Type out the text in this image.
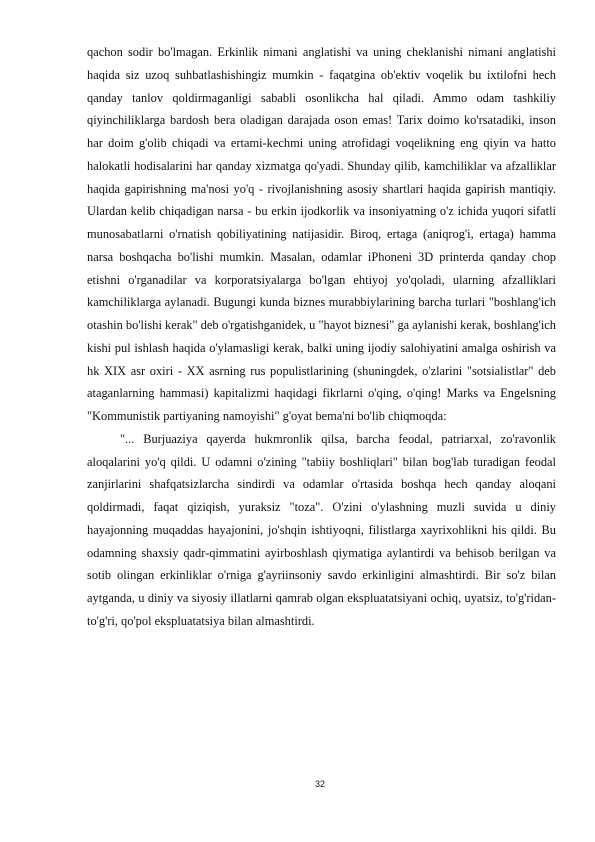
qachon sodir bo'lmagan. Erkinlik nimani anglatishi va uning cheklanishi nimani anglatishi haqida siz uzoq suhbatlashishingiz mumkin - faqatgina ob'ektiv voqelik bu ixtilofni hech qanday tanlov qoldirmaganligi sababli osonlikcha hal qiladi. Ammo odam tashkiliy qiyinchiliklarga bardosh bera oladigan darajada oson emas! Tarix doimo ko'rsatadiki, inson har doim g'olib chiqadi va ertami-kechmi uning atrofidagi voqelikning eng qiyin va hatto halokatli hodisalarini har qanday xizmatga qo'yadi. Shunday qilib, kamchiliklar va afzalliklar haqida gapirishning ma'nosi yo'q - rivojlanishning asosiy shartlari haqida gapirish mantiqiy. Ulardan kelib chiqadigan narsa - bu erkin ijodkorlik va insoniyatning o'z ichida yuqori sifatli munosabatlarni o'rnatish qobiliyatining natijasidir. Biroq, ertaga (aniqrog'i, ertaga) hamma narsa boshqacha bo'lishi mumkin. Masalan, odamlar iPhoneni 3D printerda qanday chop etishni o'rganadilar va korporatsiyalarga bo'lgan ehtiyoj yo'qoladi, ularning afzalliklari kamchiliklarga aylanadi. Bugungi kunda biznes murabbiylarining barcha turlari "boshlang'ich otashin bo'lishi kerak" deb o'rgatishganidek, u "hayot biznesi" ga aylanishi kerak, boshlang'ich kishi pul ishlash haqida o'ylamasligi kerak, balki uning ijodiy salohiyatini amalga oshirish va hk XIX asr oxiri - XX asrning rus populistlarining (shuningdek, o'zlarini "sotsialistlar" deb ataganlarning hammasi) kapitalizmi haqidagi fikrlarni o'qing, o'qing! Marks va Engelsning "Kommunistik partiyaning namoyishi" g'oyat bema'ni bo'lib chiqmoqda:

"... Burjuaziya qayerda hukmronlik qilsa, barcha feodal, patriarxal, zo'ravonlik aloqalarini yo'q qildi. U odamni o'zining "tabiiy boshliqlari" bilan bog'lab turadigan feodal zanjirlarini shafqatsizlarcha sindirdi va odamlar o'rtasida boshqa hech qanday aloqani qoldirmadi, faqat qiziqish, yuraksiz "toza". O'zini o'ylashning muzli suvida u diniy hayajonning muqaddas hayajonini, jo'shqin ishtiyoqni, filistlarga xayrixohlikni his qildi. Bu odamning shaxsiy qadr-qimmatini ayirboshlash qiymatiga aylantirdi va behisob berilgan va sotib olingan erkinliklar o'rniga g'ayriinsoniy savdo erkinligini almashtirdi. Bir so'z bilan aytganda, u diniy va siyosiy illatlarni qamrab olgan ekspluatatsiyani ochiq, uyatsiz, to'g'ridan-to'g'ri, qo'pol ekspluatatsiya bilan almashtirdi.

32
